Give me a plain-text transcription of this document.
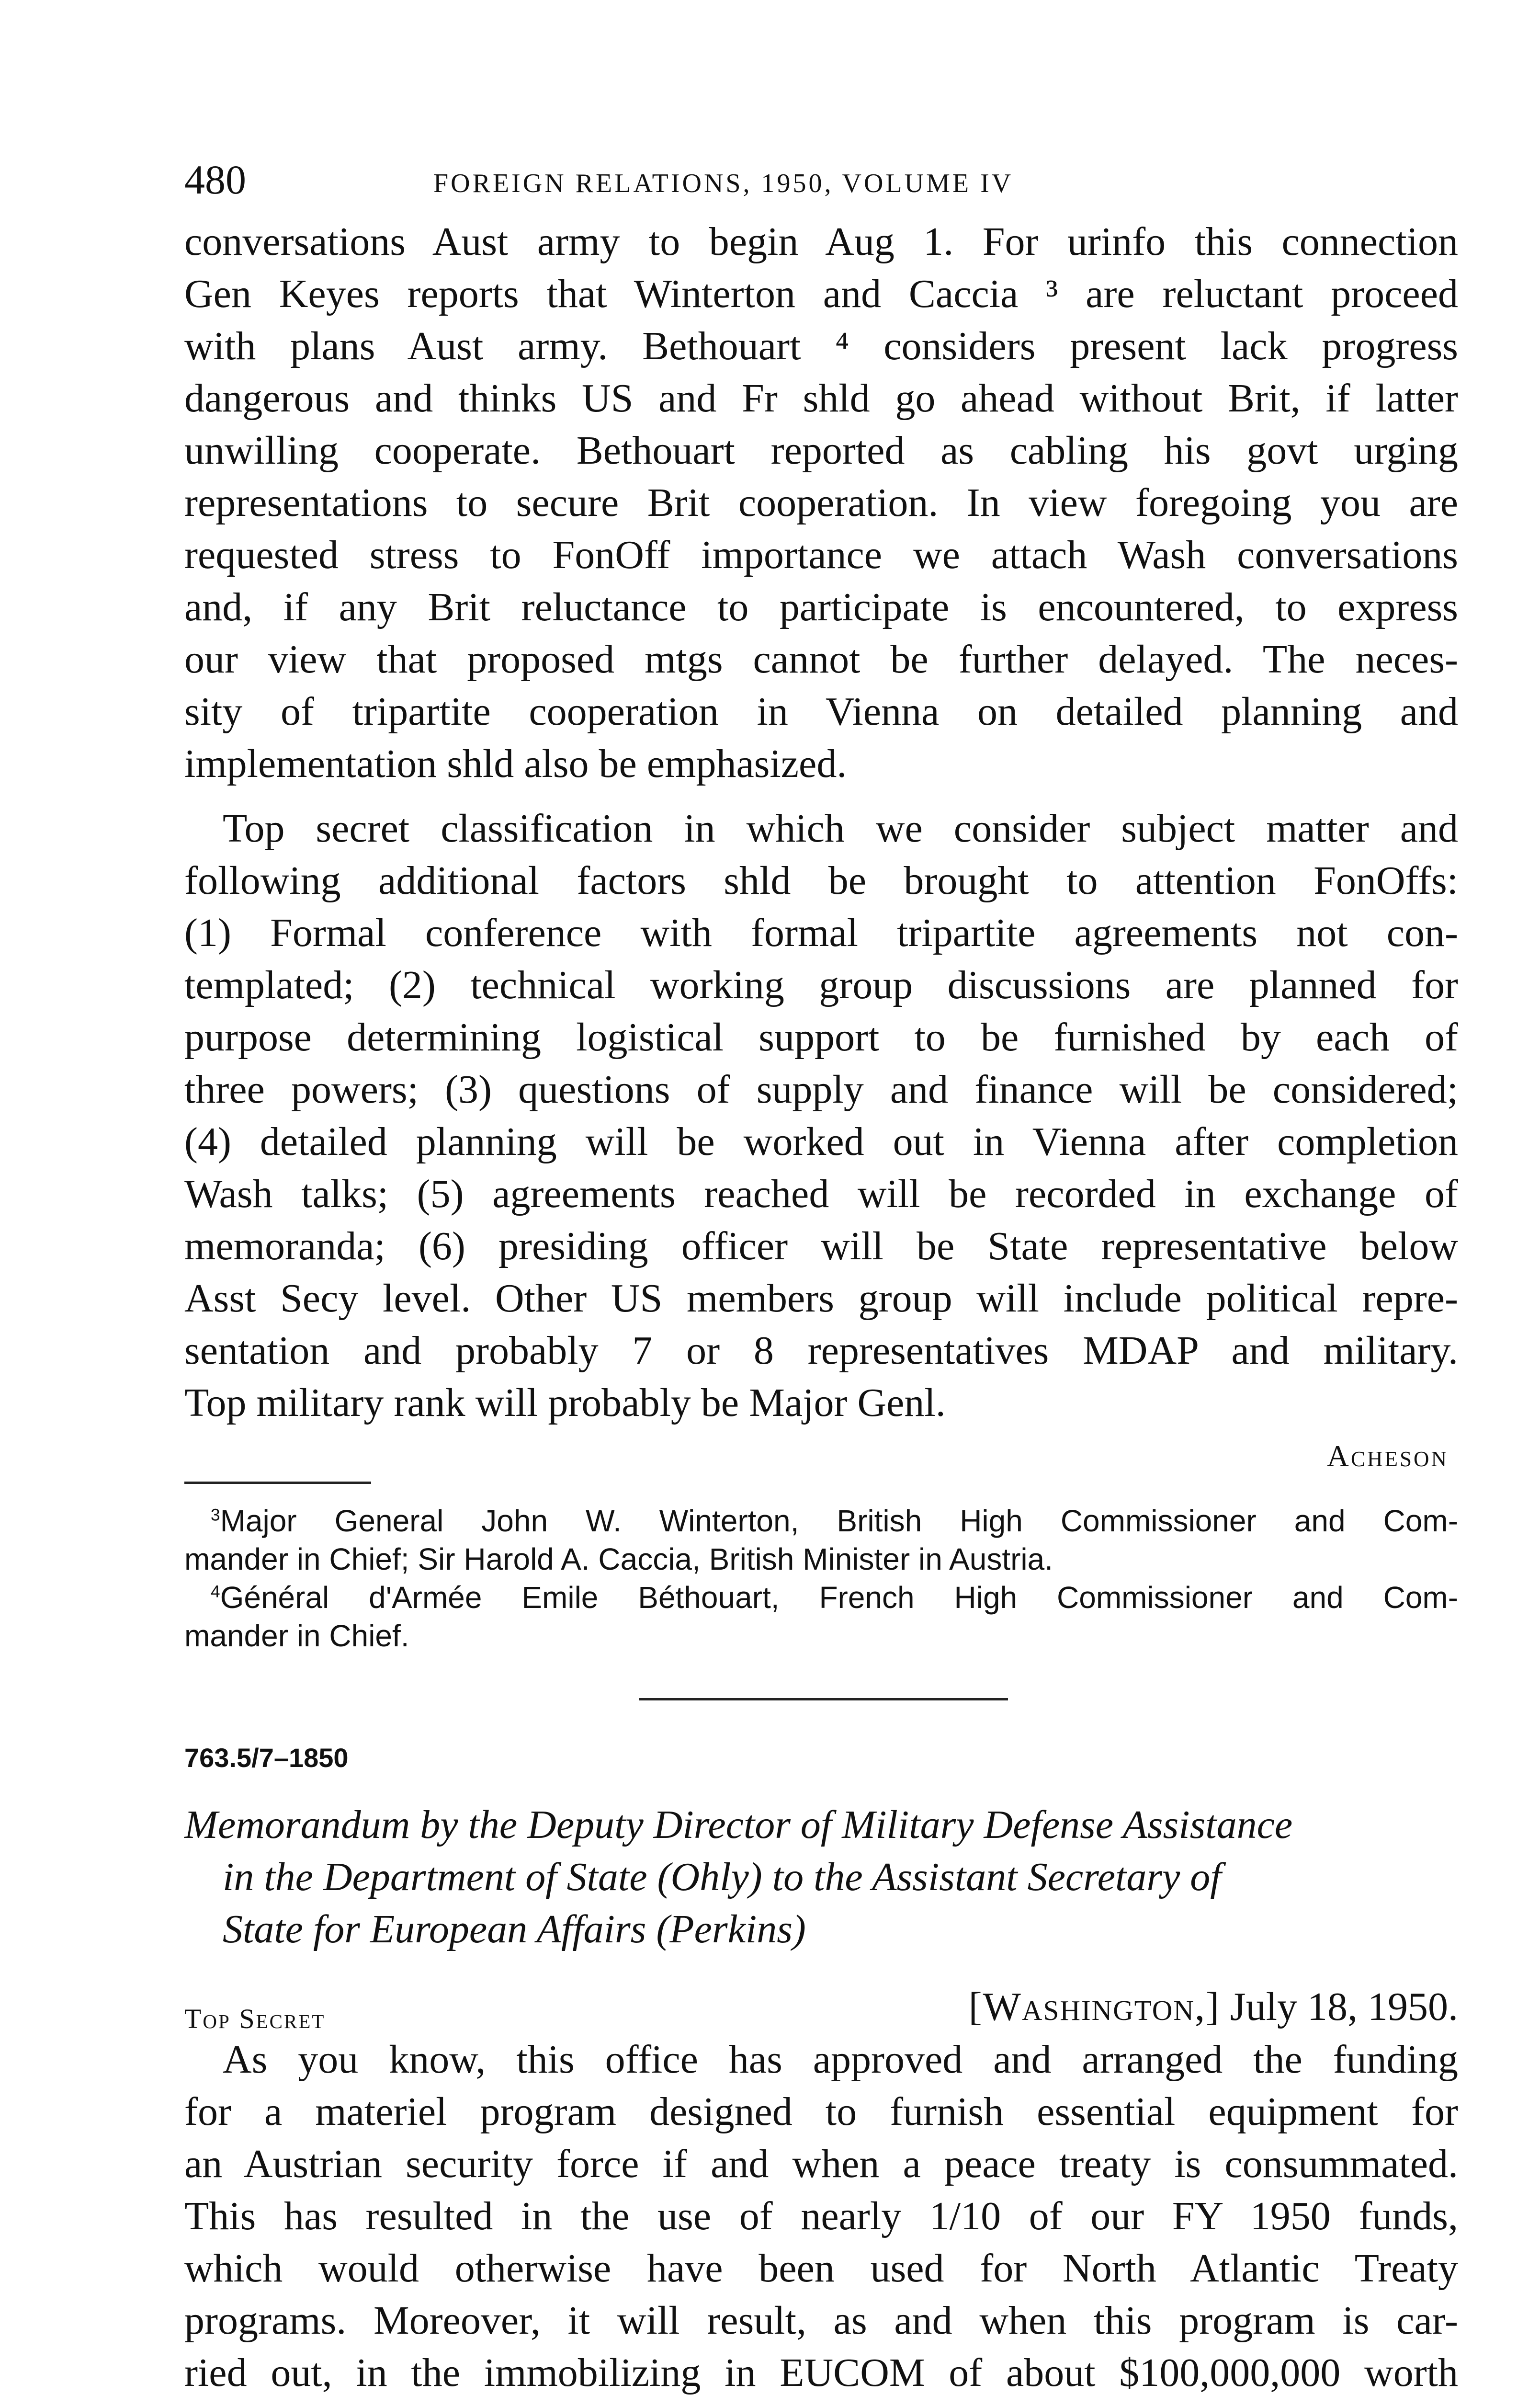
480	FOREIGN RELATIONS, 1950, VOLUME IV

conversations Aust army to begin Aug 1. For urinfo this connection

Gen Keyes reports that Winterton and Caccia ³ are reluctant proceed

with plans Aust army. Bethouart ⁴ considers present lack progress

dangerous and thinks US and Fr shld go ahead without Brit, if latter

unwilling cooperate. Bethouart reported as cabling his govt urging

representations to secure Brit cooperation. In view foregoing you are

requested stress to FonOff importance we attach Wash conversations

and, if any Brit reluctance to participate is encountered, to express

our view that proposed mtgs cannot be further delayed. The neces-

sity of tripartite cooperation in Vienna on detailed planning and

implementation shld also be emphasized.

Top secret classification in which we consider subject matter and

following additional factors shld be brought to attention FonOffs:

(1) Formal conference with formal tripartite agreements not con-

templated; (2) technical working group discussions are planned for

purpose determining logistical support to be furnished by each of

three powers; (3) questions of supply and finance will be considered;

(4) detailed planning will be worked out in Vienna after completion

Wash talks; (5) agreements reached will be recorded in exchange of

memoranda; (6) presiding officer will be State representative below

Asst Secy level. Other US members group will include political repre-

sentation and probably 7 or 8 representatives MDAP and military.

Top military rank will probably be Major Genl.

Acheson

$^3$Major General John W. Winterton, British High Commissioner and Com-

mander in Chief; Sir Harold A. Caccia, British Minister in Austria.

$^4$Général d'Armée Emile Béthouart, French High Commissioner and Com-

mander in Chief.

763.5/7–1850
Memorandum by the Deputy Director of Military Defense Assistance
in the Department of State (Ohly) to the Assistant Secretary of
State for European Affairs (Perkins)
Top Secret	[Washington,] July 18, 1950.

As you know, this office has approved and arranged the funding

for a materiel program designed to furnish essential equipment for

an Austrian security force if and when a peace treaty is consummated.

This has resulted in the use of nearly 1/10 of our FY 1950 funds,

which would otherwise have been used for North Atlantic Treaty

programs. Moreover, it will result, as and when this program is car-

ried out, in the immobilizing in EUCOM of about $100,000,000 worth
